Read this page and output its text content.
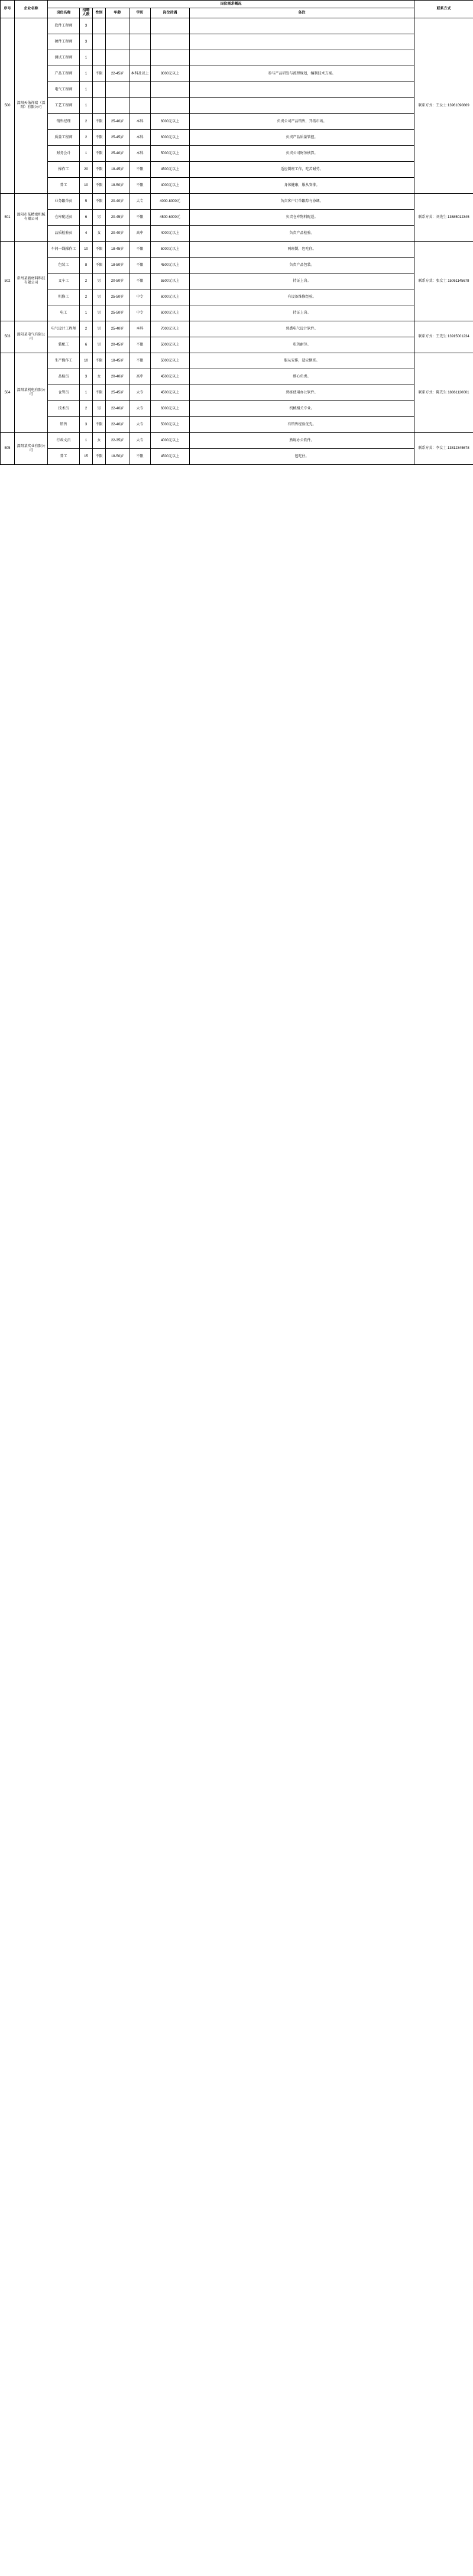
序号	企业名称	岗位需求概况							联系方式
		岗位名称	招聘人数	性别	年龄	学历	岗位待遇	备注	
500	溧阳天佑祥瑞（溧阳）有限公司	软件工程师	3						联系方式：王女士 13961090869
		硬件工程师	3						
		测试工程师	1						
		产品工程师	1	不限	22-45岁	本科及以上	8000元以上	参与产品研发与流程规划，编制技术方案。	
		电气工程师	1						
		工艺工程师	1						
		销售经理	2	不限	25-40岁	本科	6000元以上	负责公司产品销售，开拓市场。	
		质量工程师	2	不限	25-45岁	本科	6000元以上	负责产品质量管控。	
		财务会计	1	不限	25-40岁	本科	5000元以上	负责公司财务核算。	
		操作工	20	不限	18-45岁	不限	4500元以上	适应倒班工作，吃苦耐劳。	
		普工	10	不限	18-50岁	不限	4000元以上	身体健康，服从安排。	
501	溧阳市某精密机械有限公司	业务跟单员	5	不限	20-40岁	大专	4000-8000元	负责客户订单跟踪与协调。	联系方式：刘先生 13685012345
		仓库配送员	6	男	20-45岁	不限	4500-6000元	负责仓库物料配送。	
		品质检验员	4	女	20-40岁	高中	4000元以上	负责产品检验。	
502	常州某新材料科技有限公司	车间一线操作工	10	不限	18-45岁	不限	5000元以上	两班倒，包吃住。	联系方式：张女士 15061145678
		包装工	8	不限	18-50岁	不限	4500元以上	负责产品包装。	
		叉车工	2	男	20-50岁	不限	5500元以上	持证上岗。	
		机修工	2	男	25-50岁	中专	6000元以上	有设备维修经验。	
		电工	1	男	25-50岁	中专	6000元以上	持证上岗。	
503	溧阳某电气有限公司	电气设计工程师	2	男	25-40岁	本科	7000元以上	熟悉电气设计软件。	联系方式：王先生 13915001234
		装配工	6	男	20-45岁	不限	5000元以上	吃苦耐劳。	
504	溧阳某机电有限公司	生产操作工	10	不限	18-45岁	不限	5000元以上	服从安排，适应倒班。	联系方式：陈先生 18861120001
		品检员	3	女	20-40岁	高中	4500元以上	细心负责。	
		仓管员	1	不限	25-45岁	大专	4500元以上	熟练使用办公软件。	
		技术员	2	男	22-40岁	大专	6000元以上	机械相关专业。	
		销售	3	不限	22-40岁	大专	5000元以上	有销售经验优先。	
505	溧阳某实业有限公司	行政文员	1	女	22-35岁	大专	4000元以上	熟练办公软件。	联系方式：李女士 13812345678
		普工	15	不限	18-50岁	不限	4500元以上	包吃住。	
